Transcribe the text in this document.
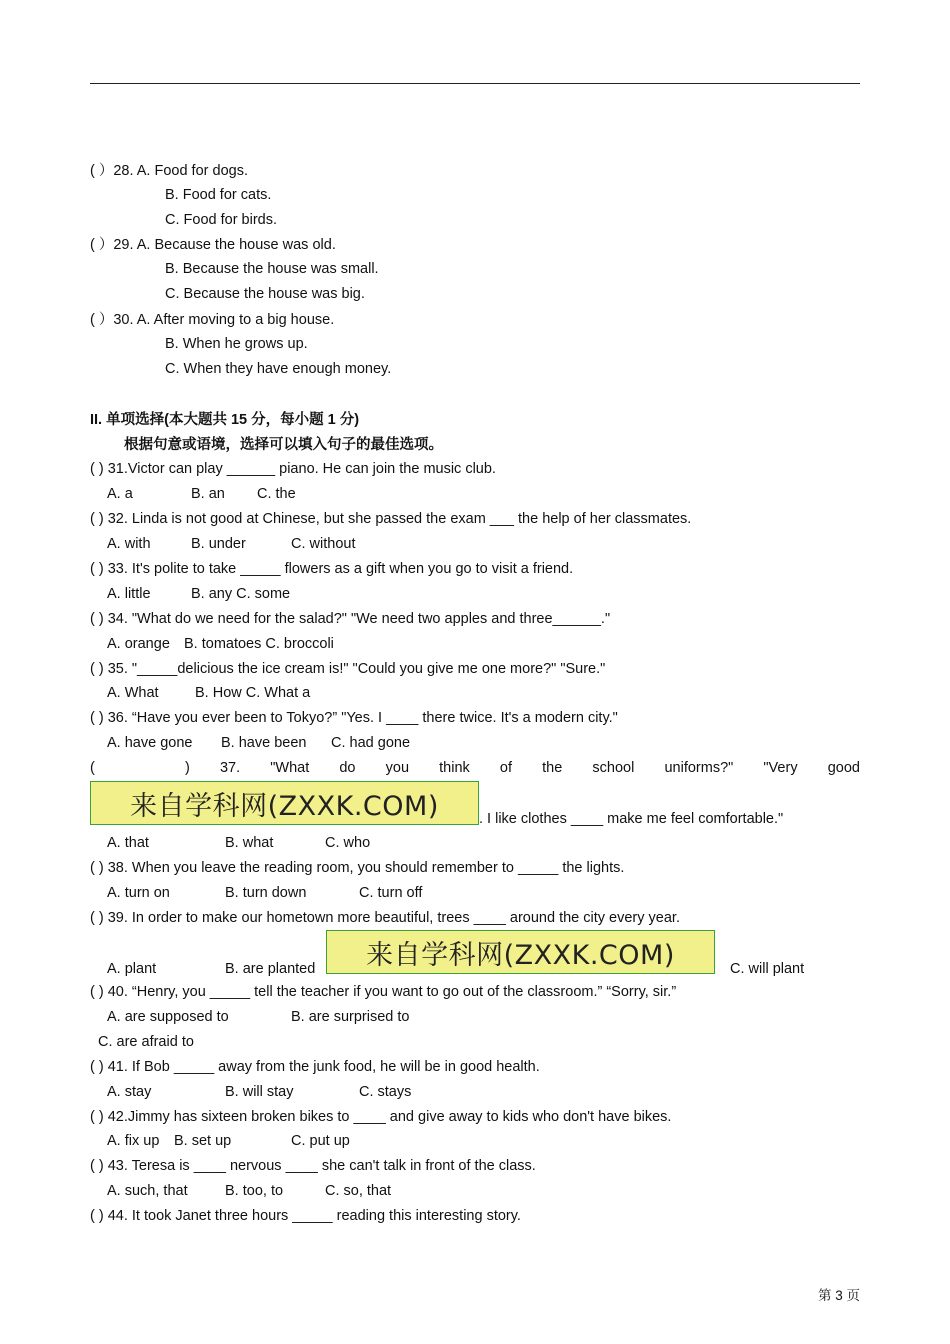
( ）28. A. Food for dogs.
B. Food for cats.
C. Food for birds.
( ）29. A. Because the house was old.
B. Because the house was small.
C. Because the house was big.
( ）30. A. After moving to a big house.
B. When he grows up.
C. When they have enough money.
II. 单项选择(本大题共 15 分，每小题 1 分)
根据句意或语境，选择可以填入句子的最佳选项。
( ) 31.Victor can play ______ piano. He can join the music club.
A. a	B. an C. the
( ) 32. Linda is not good at Chinese, but she passed the exam ___ the help of her classmates.
A. with	B. under	C. without
( ) 33. It's polite to take _____ flowers as a gift when you go to visit a friend.
A. little	B. any C. some
( ) 34. "What do we need for the salad?" "We need two apples and three______."
A. orange B. tomatoes C. broccoli
( ) 35. "_____delicious the ice cream is!" "Could you give me one more?" "Sure."
A. What	B. How C. What a
( ) 36. “Have you ever been to Tokyo?” "Yes. I ____ there twice. It's a modern city."
A. have gone B. have been C. had gone
(	) 37. "What do you think of the school uniforms?" "Very good
来自学科网(ZXXK.COM)	. I like clothes ____ make me feel comfortable."
A. that	B. what	C. who
( ) 38. When you leave the reading room, you should remember to _____ the lights.
A. turn on	B. turn down	C. turn off
( ) 39. In order to make our hometown more beautiful, trees ____ around the city every year.
A. plant	B. are planted	来自学科网(ZXXK.COM)	C. will plant
( ) 40. “Henry, you _____ tell the teacher if you want to go out of the classroom.” “Sorry, sir.”
A. are supposed to	B. are surprised to
C. are afraid to
( ) 41. If Bob _____ away from the junk food, he will be in good health.
A. stay	B. will stay	C. stays
( ) 42.Jimmy has sixteen broken bikes to ____ and give away to kids who don't have bikes.
A. fix up B. set up	C. put up
( ) 43. Teresa is ____ nervous ____ she can't talk in front of the class.
A. such, that	B. too, to	C. so, that
( ) 44. It took Janet three hours _____ reading this interesting story.
第 3 页
